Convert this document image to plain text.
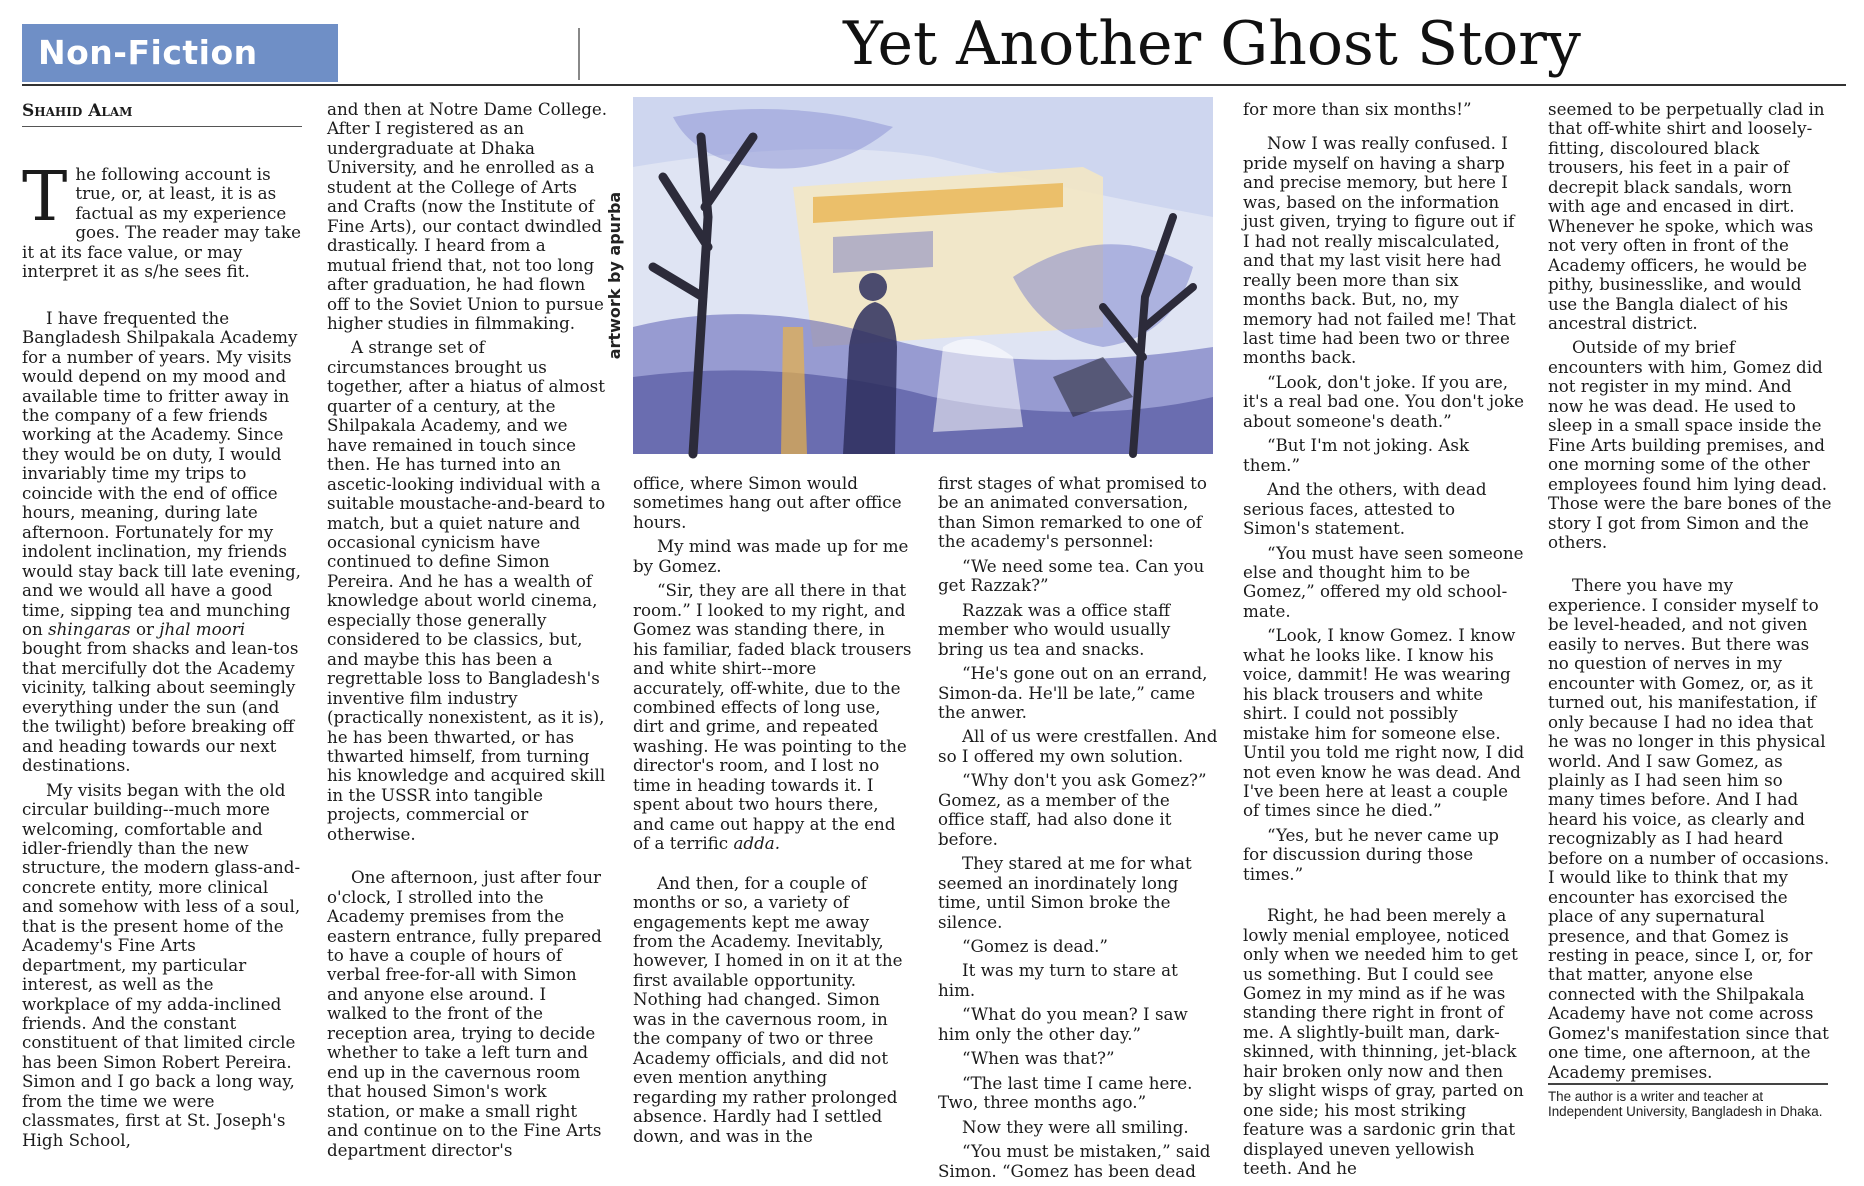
Non-Fiction	Yet Another Ghost Story
Shahid Alam

The following account is true, or, at least, it is as factual as my experience goes. The reader may take it at its face value, or may interpret it as s/he sees fit.

I have frequented the Bangladesh Shilpakala Academy for a number of years. My visits would depend on my mood and available time to fritter away in the company of a few friends working at the Academy. Since they would be on duty, I would invariably time my trips to coincide with the end of office hours, meaning, during late afternoon. Fortunately for my indolent inclination, my friends would stay back till late evening, and we would all have a good time, sipping tea and munching on shingaras or jhal moori bought from shacks and lean-tos that mercifully dot the Academy vicinity, talking about seemingly everything under the sun (and the twilight) before breaking off and heading towards our next destinations.

My visits began with the old circular building--much more welcoming, comfortable and idler-friendly than the new structure, the modern glass-and-concrete entity, more clinical and somehow with less of a soul, that is the present home of the Academy's Fine Arts department, my particular interest, as well as the workplace of my adda-inclined friends. And the constant constituent of that limited circle has been Simon Robert Pereira. Simon and I go back a long way, from the time we were classmates, first at St. Joseph's High School,

and then at Notre Dame College. After I registered as an undergraduate at Dhaka University, and he enrolled as a student at the College of Arts and Crafts (now the Institute of Fine Arts), our contact dwindled drastically. I heard from a mutual friend that, not too long after graduation, he had flown off to the Soviet Union to pursue higher studies in filmmaking.

A strange set of circumstances brought us together, after a hiatus of almost quarter of a century, at the Shilpakala Academy, and we have remained in touch since then. He has turned into an ascetic-looking individual with a suitable moustache-and-beard to match, but a quiet nature and occasional cynicism have continued to define Simon Pereira. And he has a wealth of knowledge about world cinema, especially those generally considered to be classics, but, and maybe this has been a regrettable loss to Bangladesh's inventive film industry (practically nonexistent, as it is), he has been thwarted, or has thwarted himself, from turning his knowledge and acquired skill in the USSR into tangible projects, commercial or otherwise.

One afternoon, just after four o'clock, I strolled into the Academy premises from the eastern entrance, fully prepared to have a couple of hours of verbal free-for-all with Simon and anyone else around. I walked to the front of the reception area, trying to decide whether to take a left turn and end up in the cavernous room that housed Simon's work station, or make a small right and continue on to the Fine Arts department director's

artwork by apurba

office, where Simon would sometimes hang out after office hours.

My mind was made up for me by Gomez.

“Sir, they are all there in that room.” I looked to my right, and Gomez was standing there, in his familiar, faded black trousers and white shirt--more accurately, off-white, due to the combined effects of long use, dirt and grime, and repeated washing. He was pointing to the director's room, and I lost no time in heading towards it. I spent about two hours there, and came out happy at the end of a terrific adda.

And then, for a couple of months or so, a variety of engagements kept me away from the Academy. Inevitably, however, I homed in on it at the first available opportunity. Nothing had changed. Simon was in the cavernous room, in the company of two or three Academy officials, and did not even mention anything regarding my rather prolonged absence. Hardly had I settled down, and was in the

first stages of what promised to be an animated conversation, than Simon remarked to one of the academy's personnel:

“We need some tea. Can you get Razzak?”

Razzak was a office staff member who would usually bring us tea and snacks.

“He's gone out on an errand, Simon-da. He'll be late,” came the anwer.

All of us were crestfallen. And so I offered my own solution.

“Why don't you ask Gomez?” Gomez, as a member of the office staff, had also done it before.

They stared at me for what seemed an inordinately long time, until Simon broke the silence.

“Gomez is dead.”

It was my turn to stare at him.

“What do you mean? I saw him only the other day.”

“When was that?”

“The last time I came here. Two, three months ago.”

Now they were all smiling.

“You must be mistaken,” said Simon. “Gomez has been dead

for more than six months!”

Now I was really confused. I pride myself on having a sharp and precise memory, but here I was, based on the information just given, trying to figure out if I had not really miscalculated, and that my last visit here had really been more than six months back. But, no, my memory had not failed me! That last time had been two or three months back.

“Look, don't joke. If you are, it's a real bad one. You don't joke about someone's death.”

“But I'm not joking. Ask them.”

And the others, with dead serious faces, attested to Simon's statement.

“You must have seen someone else and thought him to be Gomez,” offered my old school-mate.

“Look, I know Gomez. I know what he looks like. I know his voice, dammit! He was wearing his black trousers and white shirt. I could not possibly mistake him for someone else. Until you told me right now, I did not even know he was dead. And I've been here at least a couple of times since he died.”

“Yes, but he never came up for discussion during those times.”

Right, he had been merely a lowly menial employee, noticed only when we needed him to get us something. But I could see Gomez in my mind as if he was standing there right in front of me. A slightly-built man, dark-skinned, with thinning, jet-black hair broken only now and then by slight wisps of gray, parted on one side; his most striking feature was a sardonic grin that displayed uneven yellowish teeth. And he

seemed to be perpetually clad in that off-white shirt and loosely-fitting, discoloured black trousers, his feet in a pair of decrepit black sandals, worn with age and encased in dirt. Whenever he spoke, which was not very often in front of the Academy officers, he would be pithy, businesslike, and would use the Bangla dialect of his ancestral district.

Outside of my brief encounters with him, Gomez did not register in my mind. And now he was dead. He used to sleep in a small space inside the Fine Arts building premises, and one morning some of the other employees found him lying dead. Those were the bare bones of the story I got from Simon and the others.

There you have my experience. I consider myself to be level-headed, and not given easily to nerves. But there was no question of nerves in my encounter with Gomez, or, as it turned out, his manifestation, if only because I had no idea that he was no longer in this physical world. And I saw Gomez, as plainly as I had seen him so many times before. And I had heard his voice, as clearly and recognizably as I had heard before on a number of occasions. I would like to think that my encounter has exorcised the place of any supernatural presence, and that Gomez is resting in peace, since I, or, for that matter, anyone else connected with the Shilpakala Academy have not come across Gomez's manifestation since that one time, one afternoon, at the Academy premises.

The author is a writer and teacher at Independent University, Bangladesh in Dhaka.
